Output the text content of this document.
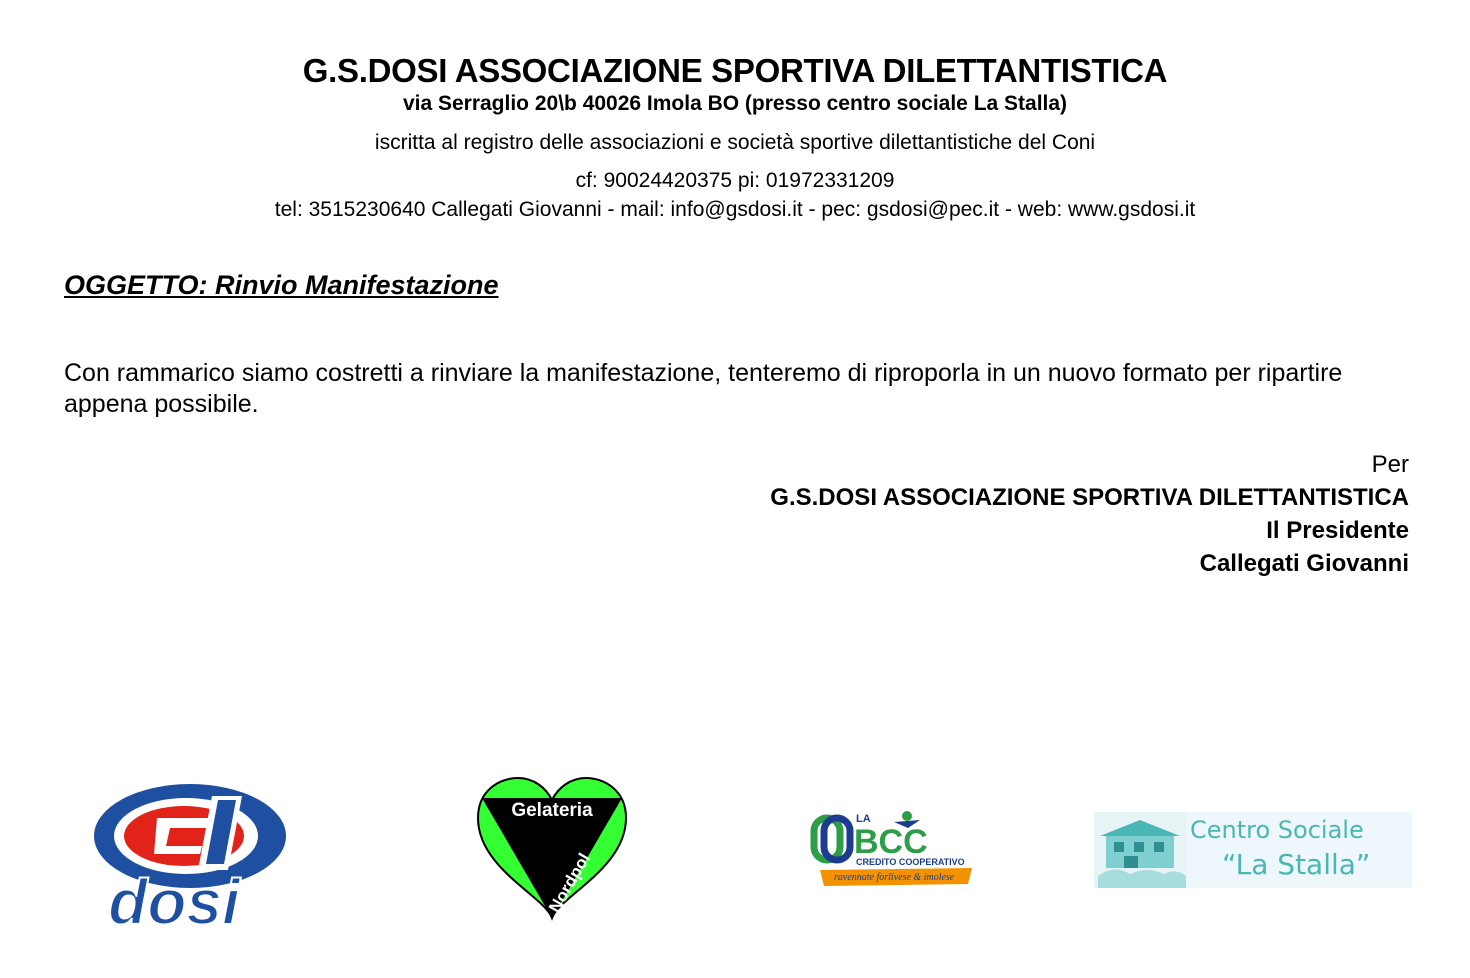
G.S.DOSI ASSOCIAZIONE SPORTIVA DILETTANTISTICA
via Serraglio 20\b 40026 Imola BO (presso centro sociale La Stalla)
iscritta al registro delle associazioni e società sportive dilettantistiche del Coni
cf: 90024420375 pi: 01972331209
tel: 3515230640 Callegati Giovanni - mail: info@gsdosi.it - pec: gsdosi@pec.it - web: www.gsdosi.it
OGGETTO: Rinvio Manifestazione
Con rammarico siamo costretti a rinviare la manifestazione, tenteremo di riproporla in un nuovo formato per ripartire appena possibile.
Per
G.S.DOSI ASSOCIAZIONE SPORTIVA DILETTANTISTICA
Il Presidente
Callegati Giovanni
dosi
Gelateria
Nordpol
LA
BCC
CREDITO COOPERATIVO
ravennate forlivese & imolese
Centro Sociale
“La Stalla”
